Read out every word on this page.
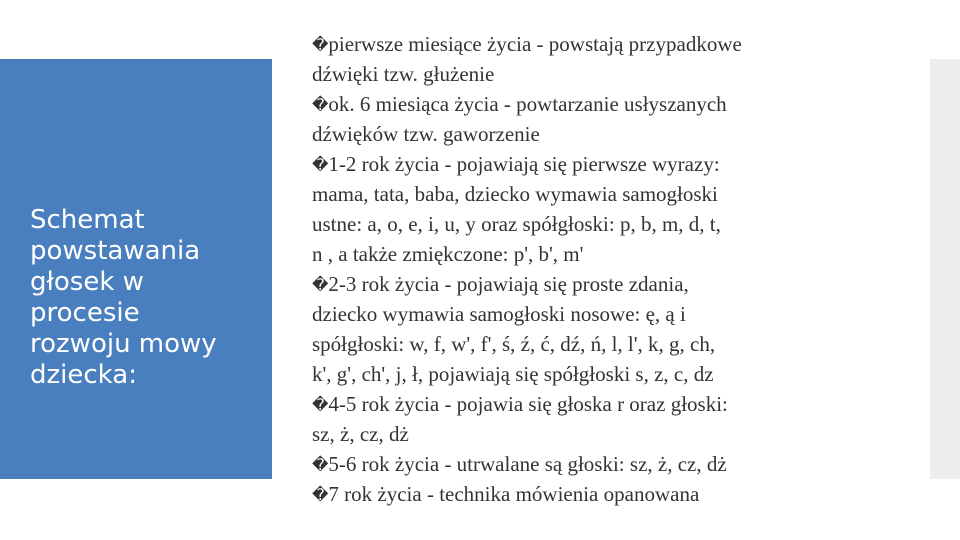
Schemat
powstawania
głosek w
procesie
rozwoju mowy
dziecka:
�pierwsze miesiące życia - powstają przypadkowe
dźwięki tzw. głużenie
�ok. 6 miesiąca życia - powtarzanie usłyszanych
dźwięków tzw. gaworzenie
�1-2 rok życia - pojawiają się pierwsze wyrazy:
mama, tata, baba, dziecko wymawia samogłoski
ustne: a, o, e, i, u, y oraz spółgłoski: p, b, m, d, t,
n , a także zmiękczone: p', b', m'
�2-3 rok życia - pojawiają się proste zdania,
dziecko wymawia samogłoski nosowe: ę, ą i
spółgłoski: w, f, w', f', ś, ź, ć, dź, ń, l, l', k, g, ch,
k', g', ch', j, ł, pojawiają się spółgłoski s, z, c, dz
�4-5 rok życia - pojawia się głoska r oraz głoski:
sz, ż, cz, dż
�5-6 rok życia - utrwalane są głoski: sz, ż, cz, dż
�7 rok życia - technika mówienia opanowana
